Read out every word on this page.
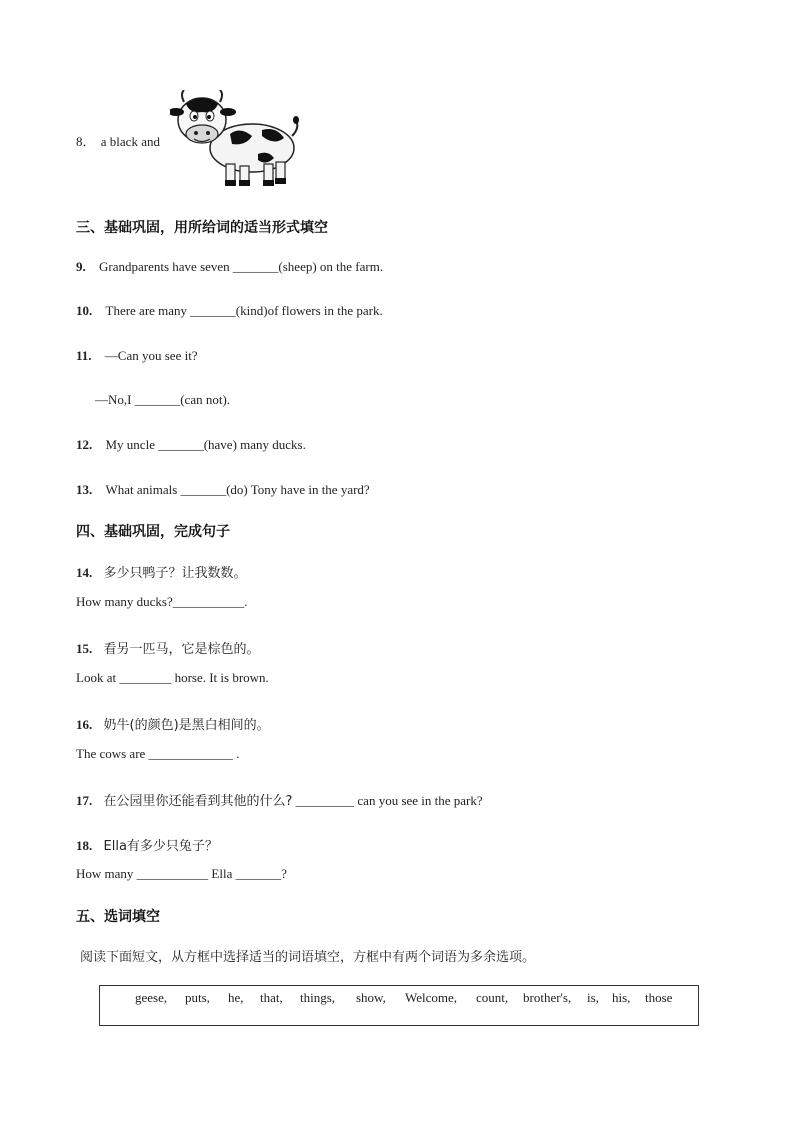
8． a black and
三、基础巩固，用所给词的适当形式填空
9. Grandparents have seven _______(sheep) on the farm.
10. There are many _______(kind)of flowers in the park.
11. —Can you see it?
—No,I _______(can not).
12. My uncle _______(have) many ducks.
13. What animals _______(do) Tony have in the yard?
四、基础巩固，完成句子
14. 多少只鸭子？让我数数。
How many ducks?___________.
15. 看另一匹马，它是棕色的。
Look at ________ horse. It is brown.
16. 奶牛(的颜色)是黑白相间的。
The cows are _____________ .
17. 在公园里你还能看到其他的什么? _________ can you see in the park?
18. Ella有多少只兔子？
How many ___________ Ella _______?
五、选词填空
阅读下面短文，从方框中选择适当的词语填空，方框中有两个词语为多余选项。
geese, puts, he, that, things, show, Welcome, count, brother's, is, his, those
